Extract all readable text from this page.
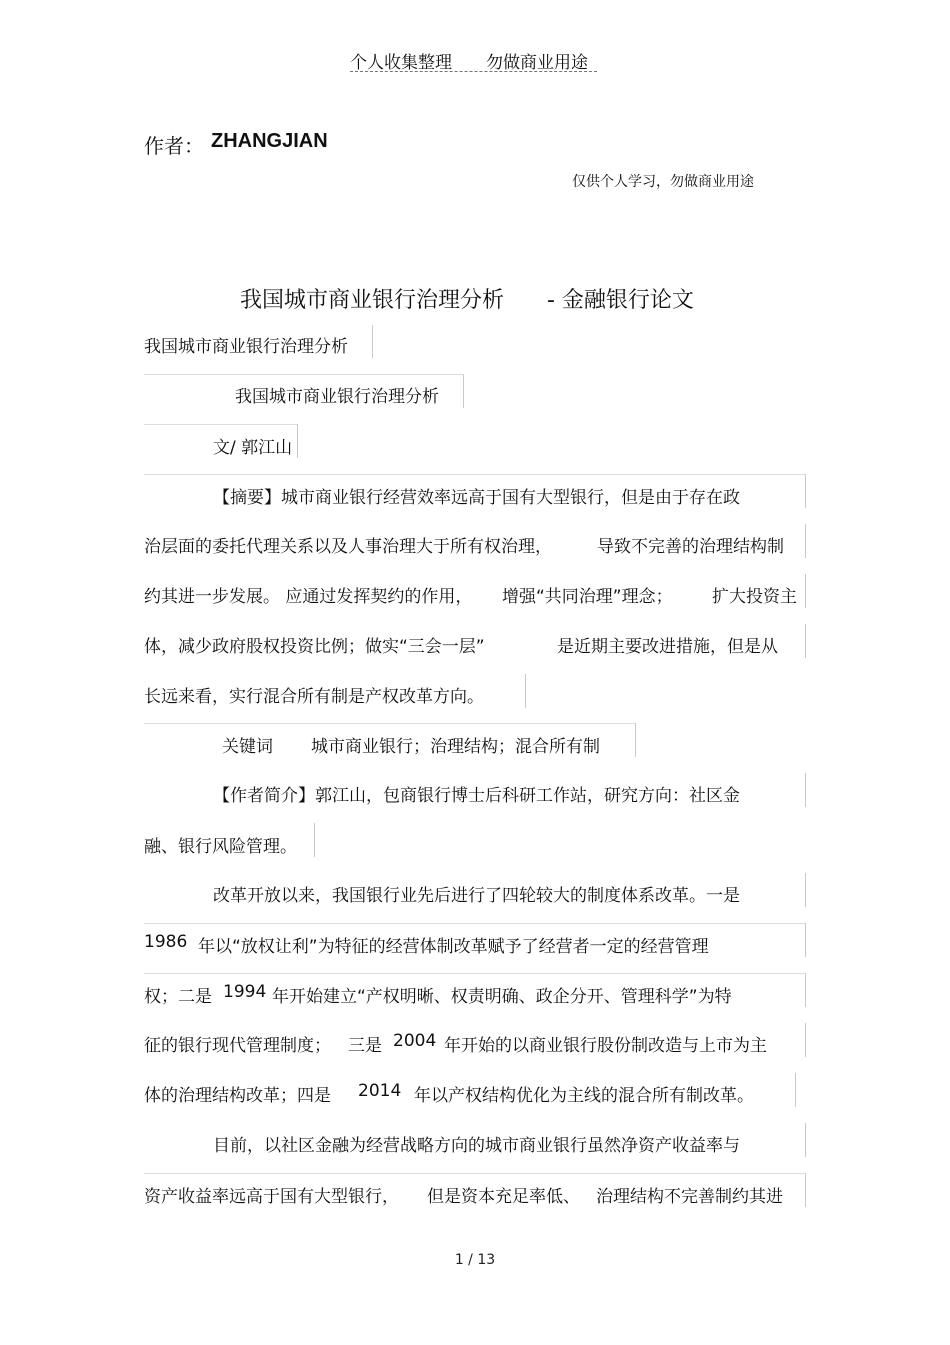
个人收集整理 勿做商业用途
作者： ZHANGJIAN
仅供个人学习，勿做商业用途
我国城市商业银行治理分析 - 金融银行论文
我国城市商业银行治理分析
我国城市商业银行治理分析
文/ 郭江山
【摘要】城市商业银行经营效率远高于国有大型银行，但是由于存在政
治层面的委托代理关系以及人事治理大于所有权治理，	导致不完善的治理结构制
约其进一步发展。 应通过发挥契约的作用， 增强“共同治理”理念； 扩大投资主
体，减少政府股权投资比例；做实“三会一层”	是近期主要改进措施，但是从
长远来看，实行混合所有制是产权改革方向。
关键词 城市商业银行；治理结构；混合所有制
【作者简介】郭江山，包商银行博士后科研工作站，研究方向：社区金
融、银行风险管理。
改革开放以来，我国银行业先后进行了四轮较大的制度体系改革。一是
1986 年以“放权让利”为特征的经营体制改革赋予了经营者一定的经营管理
权；二是 1994 年开始建立“产权明晰、权责明确、政企分开、管理科学”为特
征的银行现代管理制度； 三是 2004 年开始的以商业银行股份制改造与上市为主
体的治理结构改革；四是 2014 年以产权结构优化为主线的混合所有制改革。
目前，以社区金融为经营战略方向的城市商业银行虽然净资产收益率与
资产收益率远高于国有大型银行， 但是资本充足率低、 治理结构不完善制约其进
1 / 13
